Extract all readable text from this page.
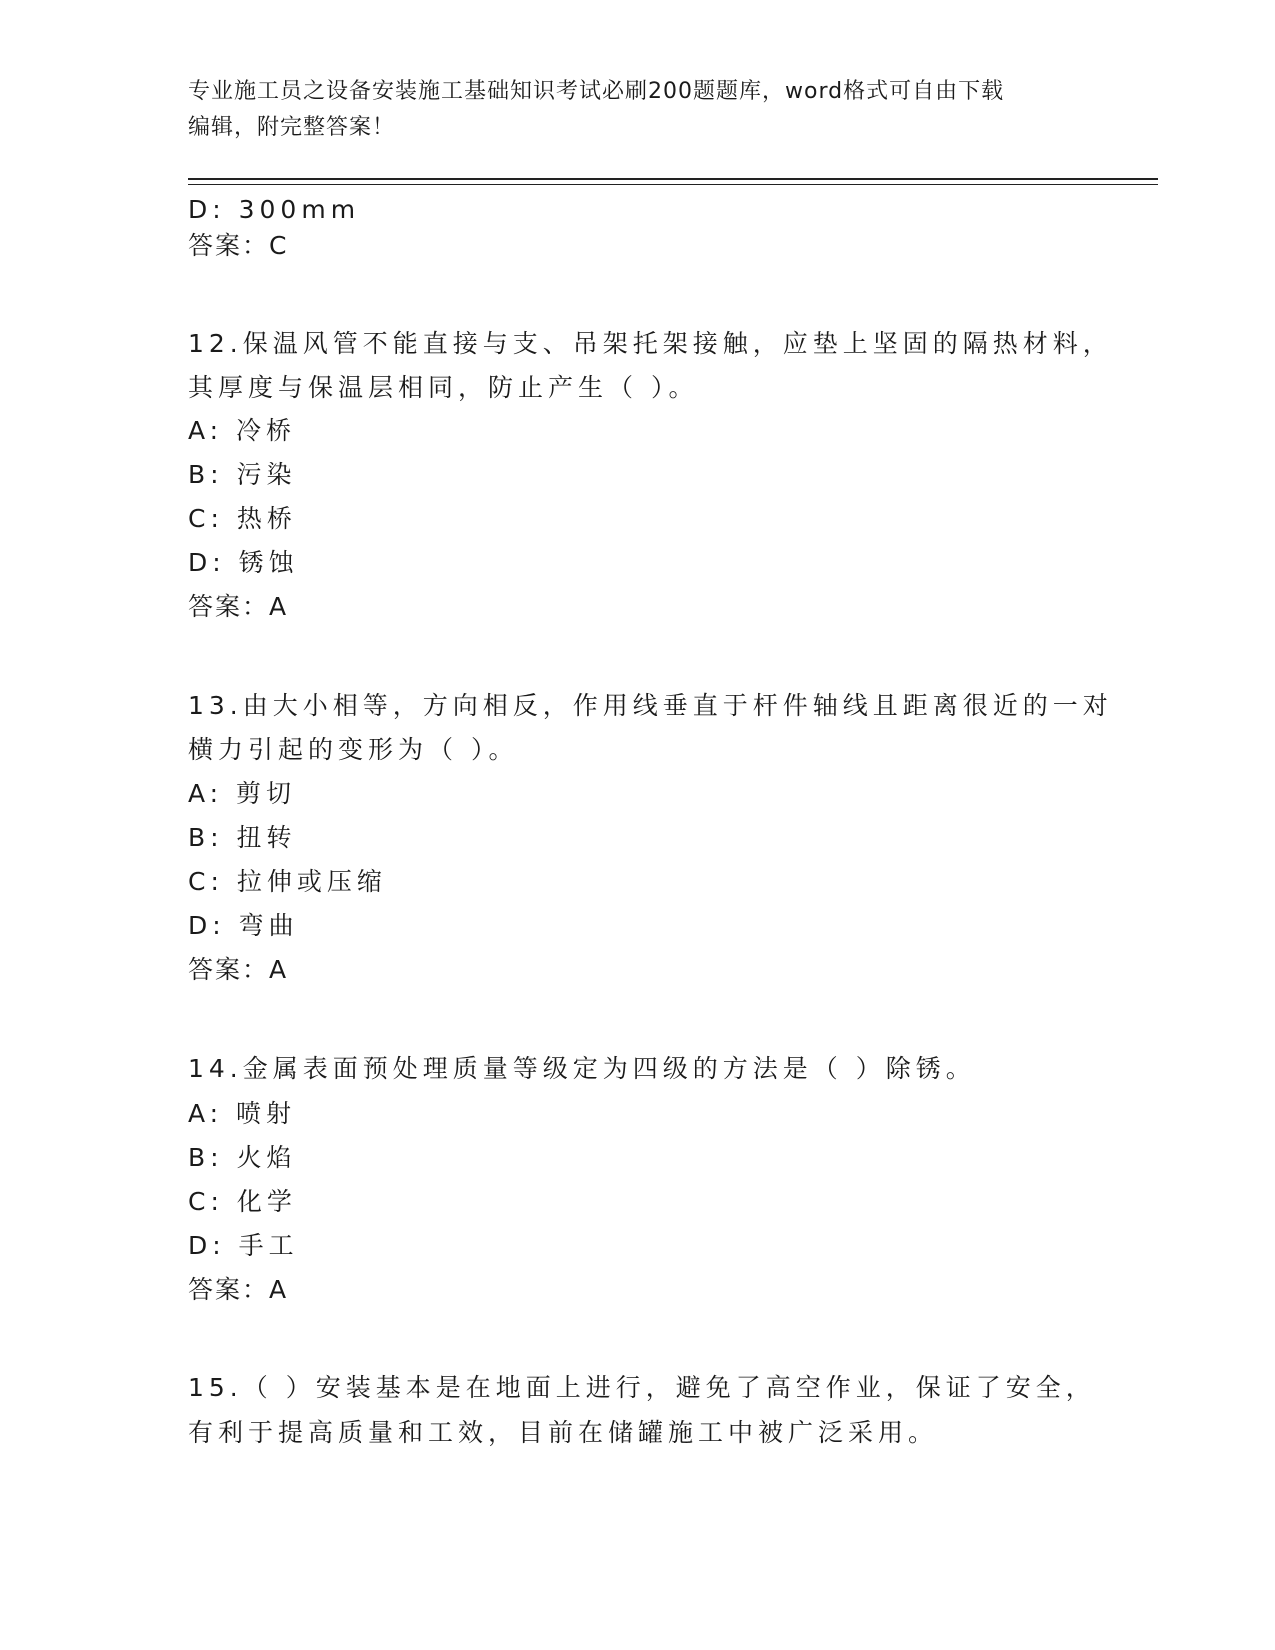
专业施工员之设备安装施工基础知识考试必刷200题题库，word格式可自由下载
编辑，附完整答案！
D: 300mm
答案：C
12.保温风管不能直接与支、吊架托架接触，应垫上坚固的隔热材料，
其厚度与保温层相同，防止产生（ ）。
A: 冷桥
B: 污染
C: 热桥
D: 锈蚀
答案：A
13.由大小相等，方向相反，作用线垂直于杆件轴线且距离很近的一对
横力引起的变形为（ ）。
A: 剪切
B: 扭转
C: 拉伸或压缩
D: 弯曲
答案：A
14.金属表面预处理质量等级定为四级的方法是（ ）除锈。
A: 喷射
B: 火焰
C: 化学
D: 手工
答案：A
15.（ ）安装基本是在地面上进行，避免了高空作业，保证了安全，
有利于提高质量和工效，目前在储罐施工中被广泛采用。
